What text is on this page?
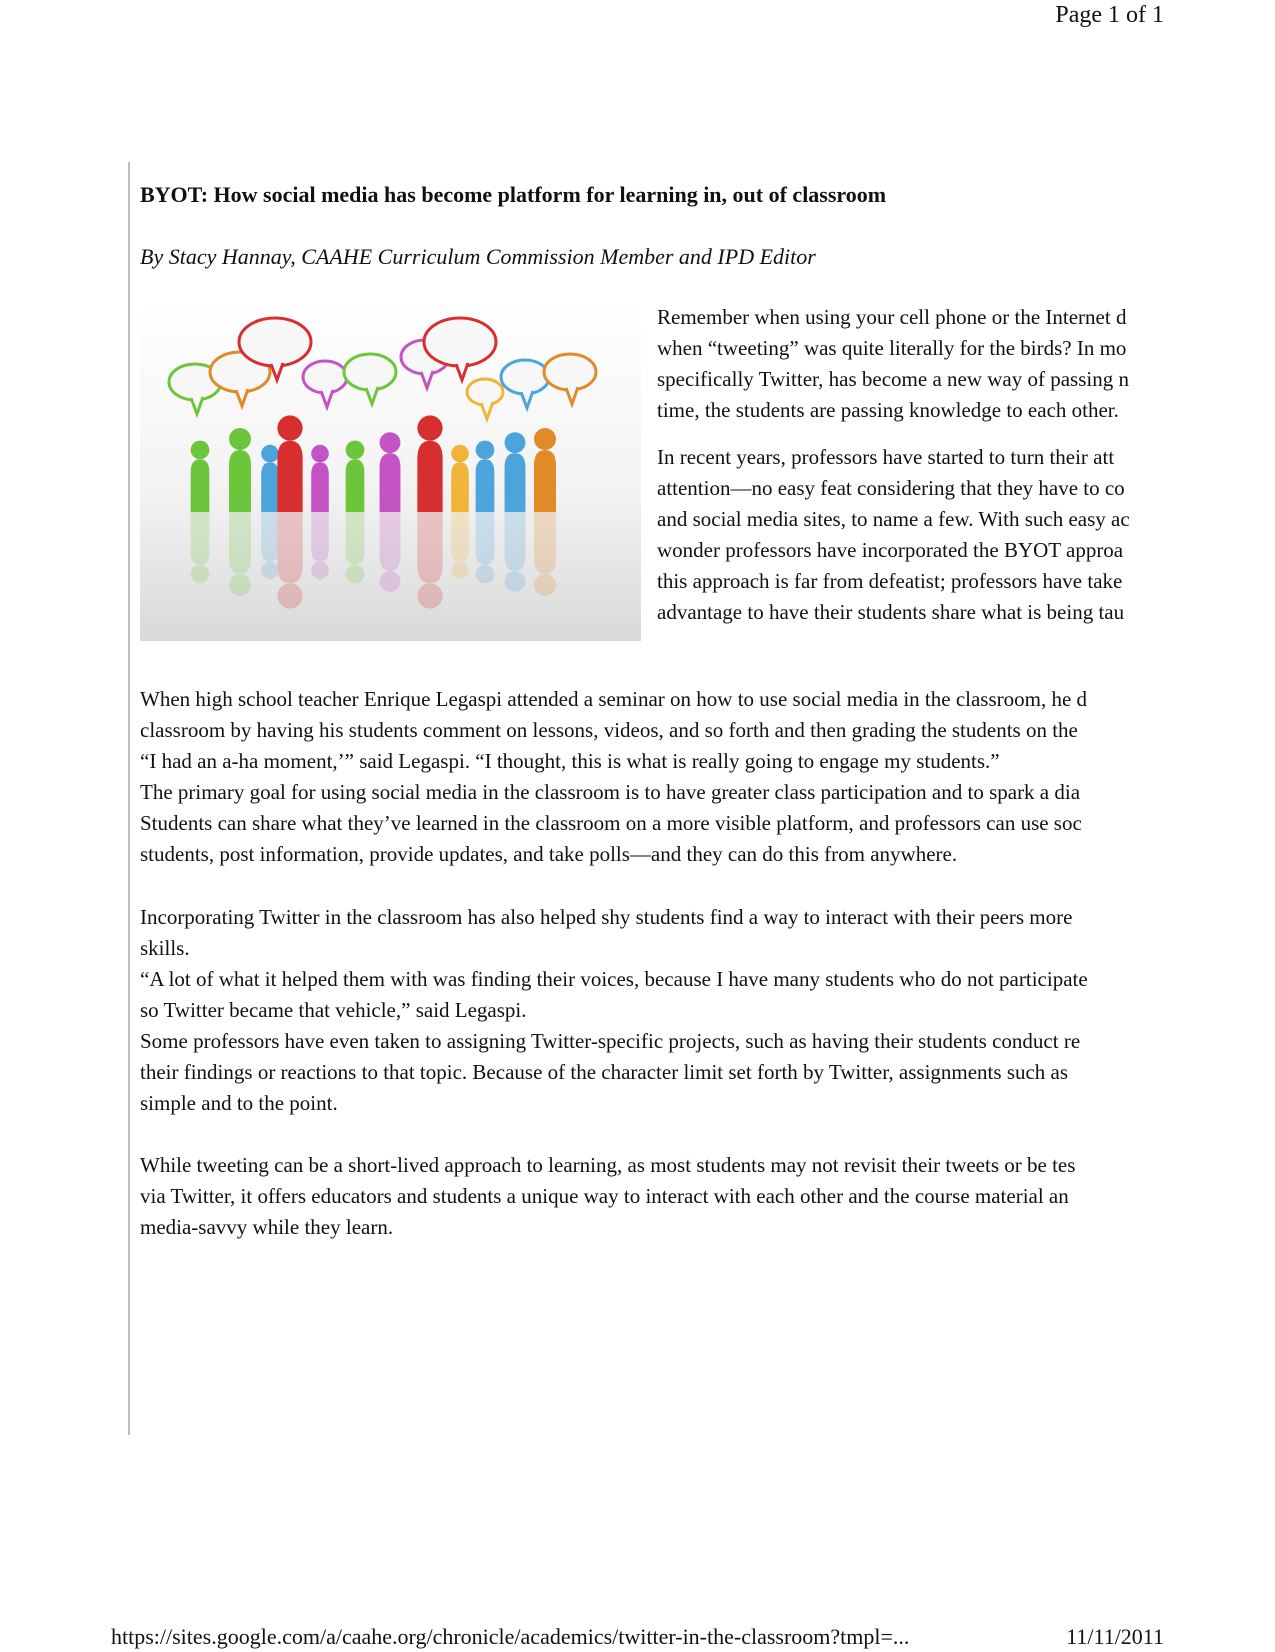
Page 1 of 1
BYOT: How social media has become platform for learning in, out of classroom
By Stacy Hannay, CAAHE Curriculum Commission Member and IPD Editor
Remember when using your cell phone or the Internet d
when “tweeting” was quite literally for the birds? In mo
specifically Twitter, has become a new way of passing n
time, the students are passing knowledge to each other.
In recent years, professors have started to turn their att
attention—no easy feat considering that they have to co
and social media sites, to name a few. With such easy ac
wonder professors have incorporated the BYOT approa
this approach is far from defeatist; professors have take
advantage to have their students share what is being tau
When high school teacher Enrique Legaspi attended a seminar on how to use social media in the classroom, he d
classroom by having his students comment on lessons, videos, and so forth and then grading the students on the
“I had an a-ha moment,’” said Legaspi. “I thought, this is what is really going to engage my students.”
The primary goal for using social media in the classroom is to have greater class participation and to spark a dia
Students can share what they’ve learned in the classroom on a more visible platform, and professors can use soc
students, post information, provide updates, and take polls—and they can do this from anywhere.
Incorporating Twitter in the classroom has also helped shy students find a way to interact with their peers more
skills.
“A lot of what it helped them with was finding their voices, because I have many students who do not participate
so Twitter became that vehicle,” said Legaspi.
Some professors have even taken to assigning Twitter-specific projects, such as having their students conduct re
their findings or reactions to that topic. Because of the character limit set forth by Twitter, assignments such as
simple and to the point.
While tweeting can be a short-lived approach to learning, as most students may not revisit their tweets or be tes
via Twitter, it offers educators and students a unique way to interact with each other and the course material an
media-savvy while they learn.
https://sites.google.com/a/caahe.org/chronicle/academics/twitter-in-the-classroom?tmpl=...	11/11/2011
